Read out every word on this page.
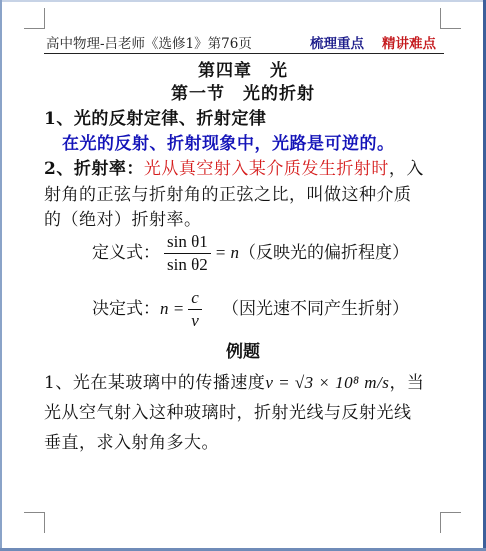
高中物理-吕老师《选修1》第76页	梳理重点 精讲难点
第四章　光
第一节　光的折射
1、光的反射定律、折射定律
在光的反射、折射现象中，光路是可逆的。
2、折射率：光从真空射入某介质发生折射时，入
射角的正弦与折射角的正弦之比，叫做这种介质
的（绝对）折射率。
定义式： $\frac{\text{sin θ1}}{\text{sin θ2}} = n$（反映光的偏折程度）
决定式：$n = \frac{c}{v}$ （因光速不同产生折射）
例题
1、光在某玻璃中的传播速度v = √3 × 10⁸ m/s，当
光从空气射入这种玻璃时，折射光线与反射光线
垂直，求入射角多大。
